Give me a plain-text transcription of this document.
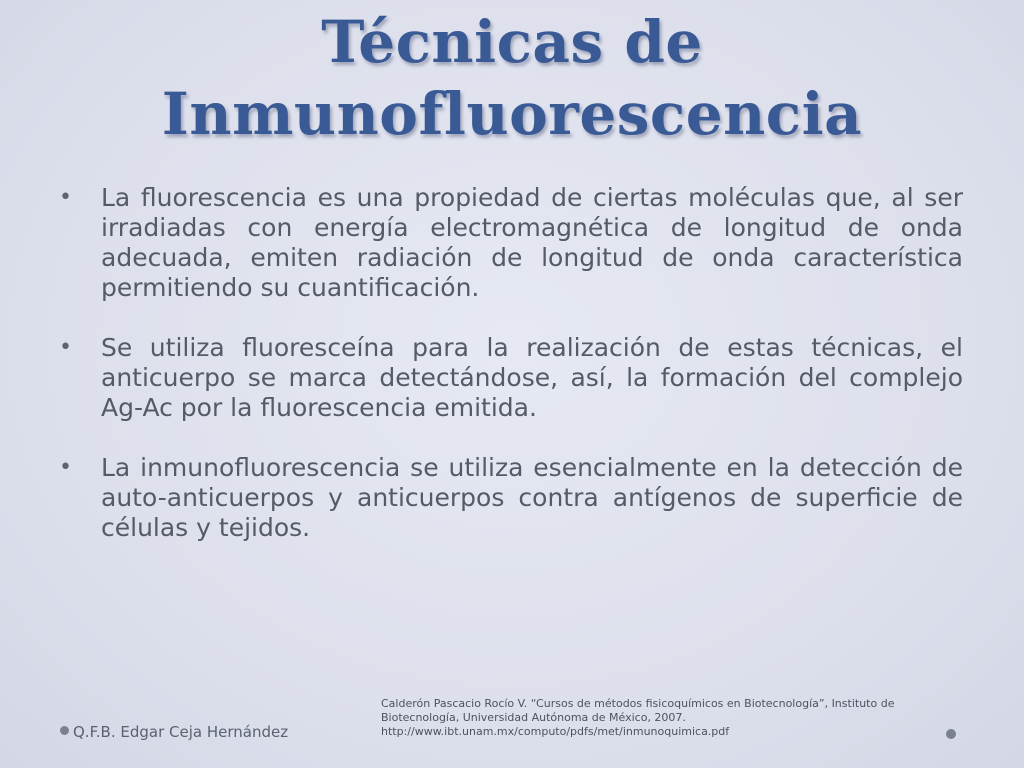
Técnicas de
Inmunofluorescencia
• La fluorescencia es una propiedad de ciertas moléculas que, al ser irradiadas con energía electromagnética de longitud de onda adecuada, emiten radiación de longitud de onda característica permitiendo su cuantificación.
• Se utiliza fluoresceína para la realización de estas técnicas, el anticuerpo se marca detectándose, así, la formación del complejo Ag-Ac por la fluorescencia emitida.
• La inmunofluorescencia se utiliza esencialmente en la detección de auto-anticuerpos y anticuerpos contra antígenos de superficie de células y tejidos.
Q.F.B. Edgar Ceja Hernández
Calderón Pascacio Rocío V. “Cursos de métodos fisicoquímicos en Biotecnología”, Instituto de
Biotecnología, Universidad Autónoma de México, 2007.
http://www.ibt.unam.mx/computo/pdfs/met/inmunoquimica.pdf
